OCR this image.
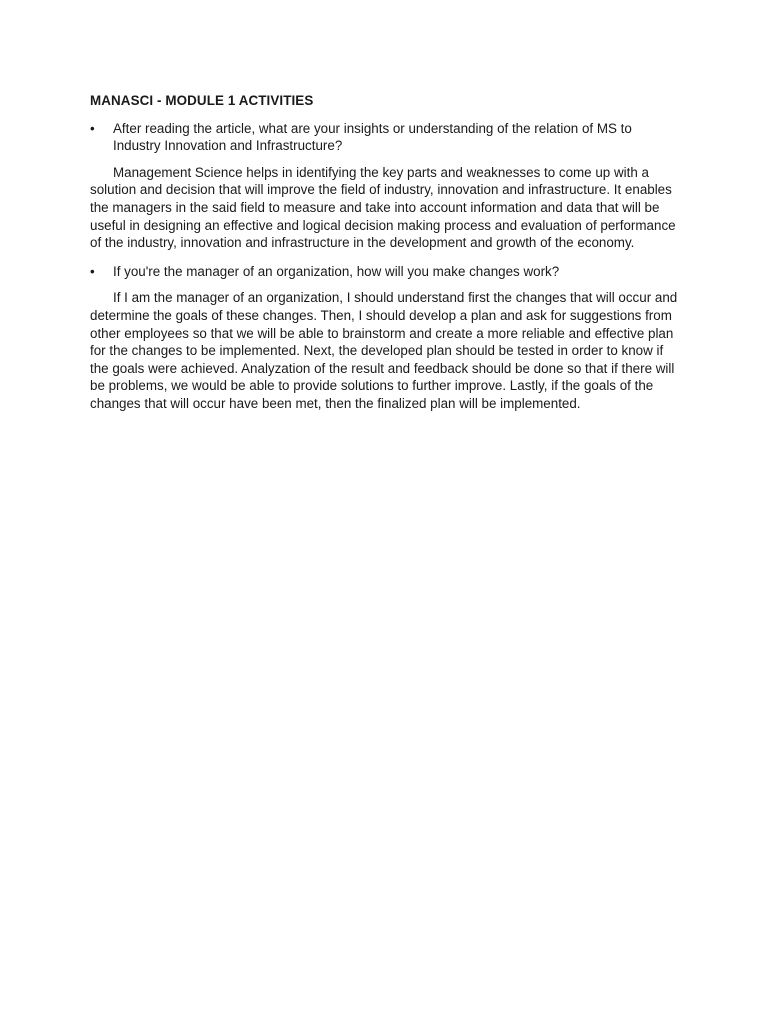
MANASCI - MODULE 1 ACTIVITIES
•	After reading the article, what are your insights or understanding of the relation of MS to Industry Innovation and Infrastructure?
Management Science helps in identifying the key parts and weaknesses to come up with a solution and decision that will improve the field of industry, innovation and infrastructure. It enables the managers in the said field to measure and take into account information and data that will be useful in designing an effective and logical decision making process and evaluation of performance of the industry, innovation and infrastructure in the development and growth of the economy.
•	If you're the manager of an organization, how will you make changes work?
If I am the manager of an organization, I should understand first the changes that will occur and determine the goals of these changes. Then, I should develop a plan and ask for suggestions from other employees so that we will be able to brainstorm and create a more reliable and effective plan for the changes to be implemented. Next, the developed plan should be tested in order to know if the goals were achieved. Analyzation of the result and feedback should be done so that if there will be problems, we would be able to provide solutions to further improve. Lastly, if the goals of the changes that will occur have been met, then the finalized plan will be implemented.
